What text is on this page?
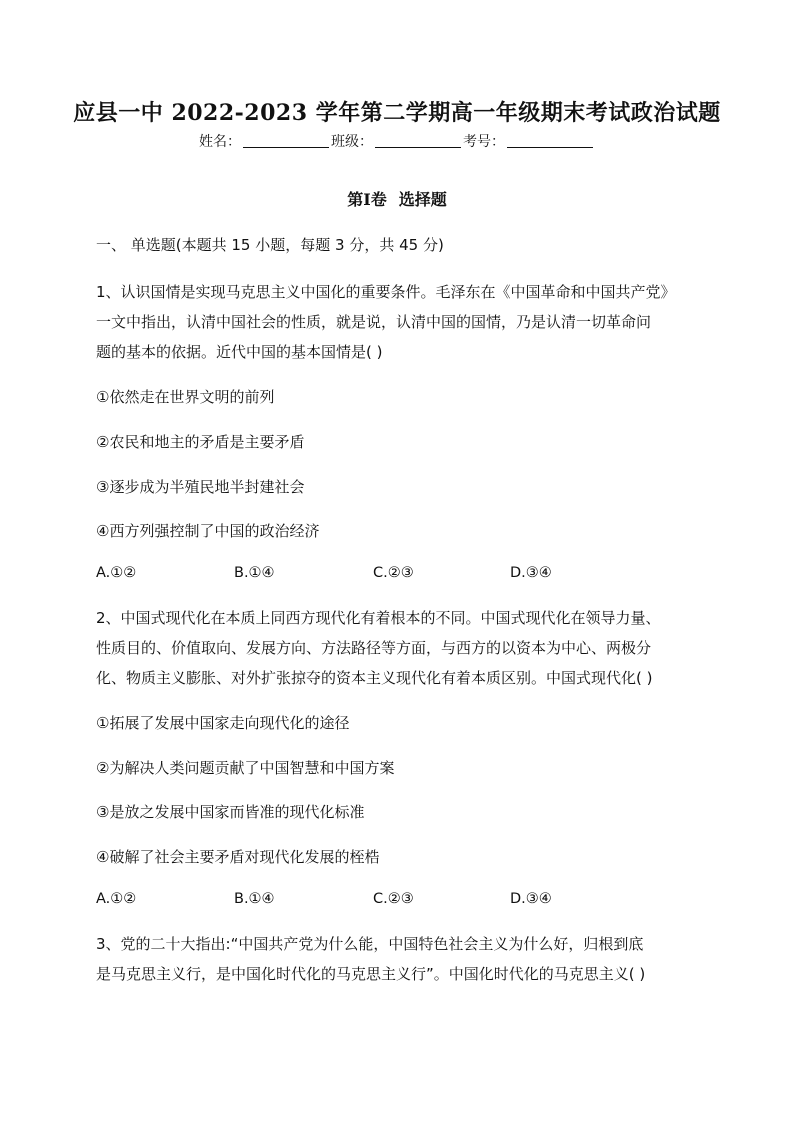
应县一中 2022-2023 学年第二学期高一年级期末考试政治试题
姓名：	班级：	考号：
第Ⅰ卷 选择题
一、 单选题(本题共 15 小题，每题 3 分，共 45 分)
1、认识国情是实现马克思主义中国化的重要条件。毛泽东在《中国革命和中国共产党》
一文中指出，认清中国社会的性质，就是说，认清中国的国情，乃是认清一切革命问
题的基本的依据。近代中国的基本国情是( )
①依然走在世界文明的前列
②农民和地主的矛盾是主要矛盾
③逐步成为半殖民地半封建社会
④西方列强控制了中国的政治经济
A.①②	B.①④	C.②③	D.③④
2、中国式现代化在本质上同西方现代化有着根本的不同。中国式现代化在领导力量、
性质目的、价值取向、发展方向、方法路径等方面，与西方的以资本为中心、两极分
化、物质主义膨胀、对外扩张掠夺的资本主义现代化有着本质区别。中国式现代化( )
①拓展了发展中国家走向现代化的途径
②为解决人类问题贡献了中国智慧和中国方案
③是放之发展中国家而皆准的现代化标准
④破解了社会主要矛盾对现代化发展的桎梏
A.①②	B.①④	C.②③	D.③④
3、党的二十大指出:“中国共产党为什么能，中国特色社会主义为什么好，归根到底
是马克思主义行，是中国化时代化的马克思主义行”。中国化时代化的马克思主义( )
